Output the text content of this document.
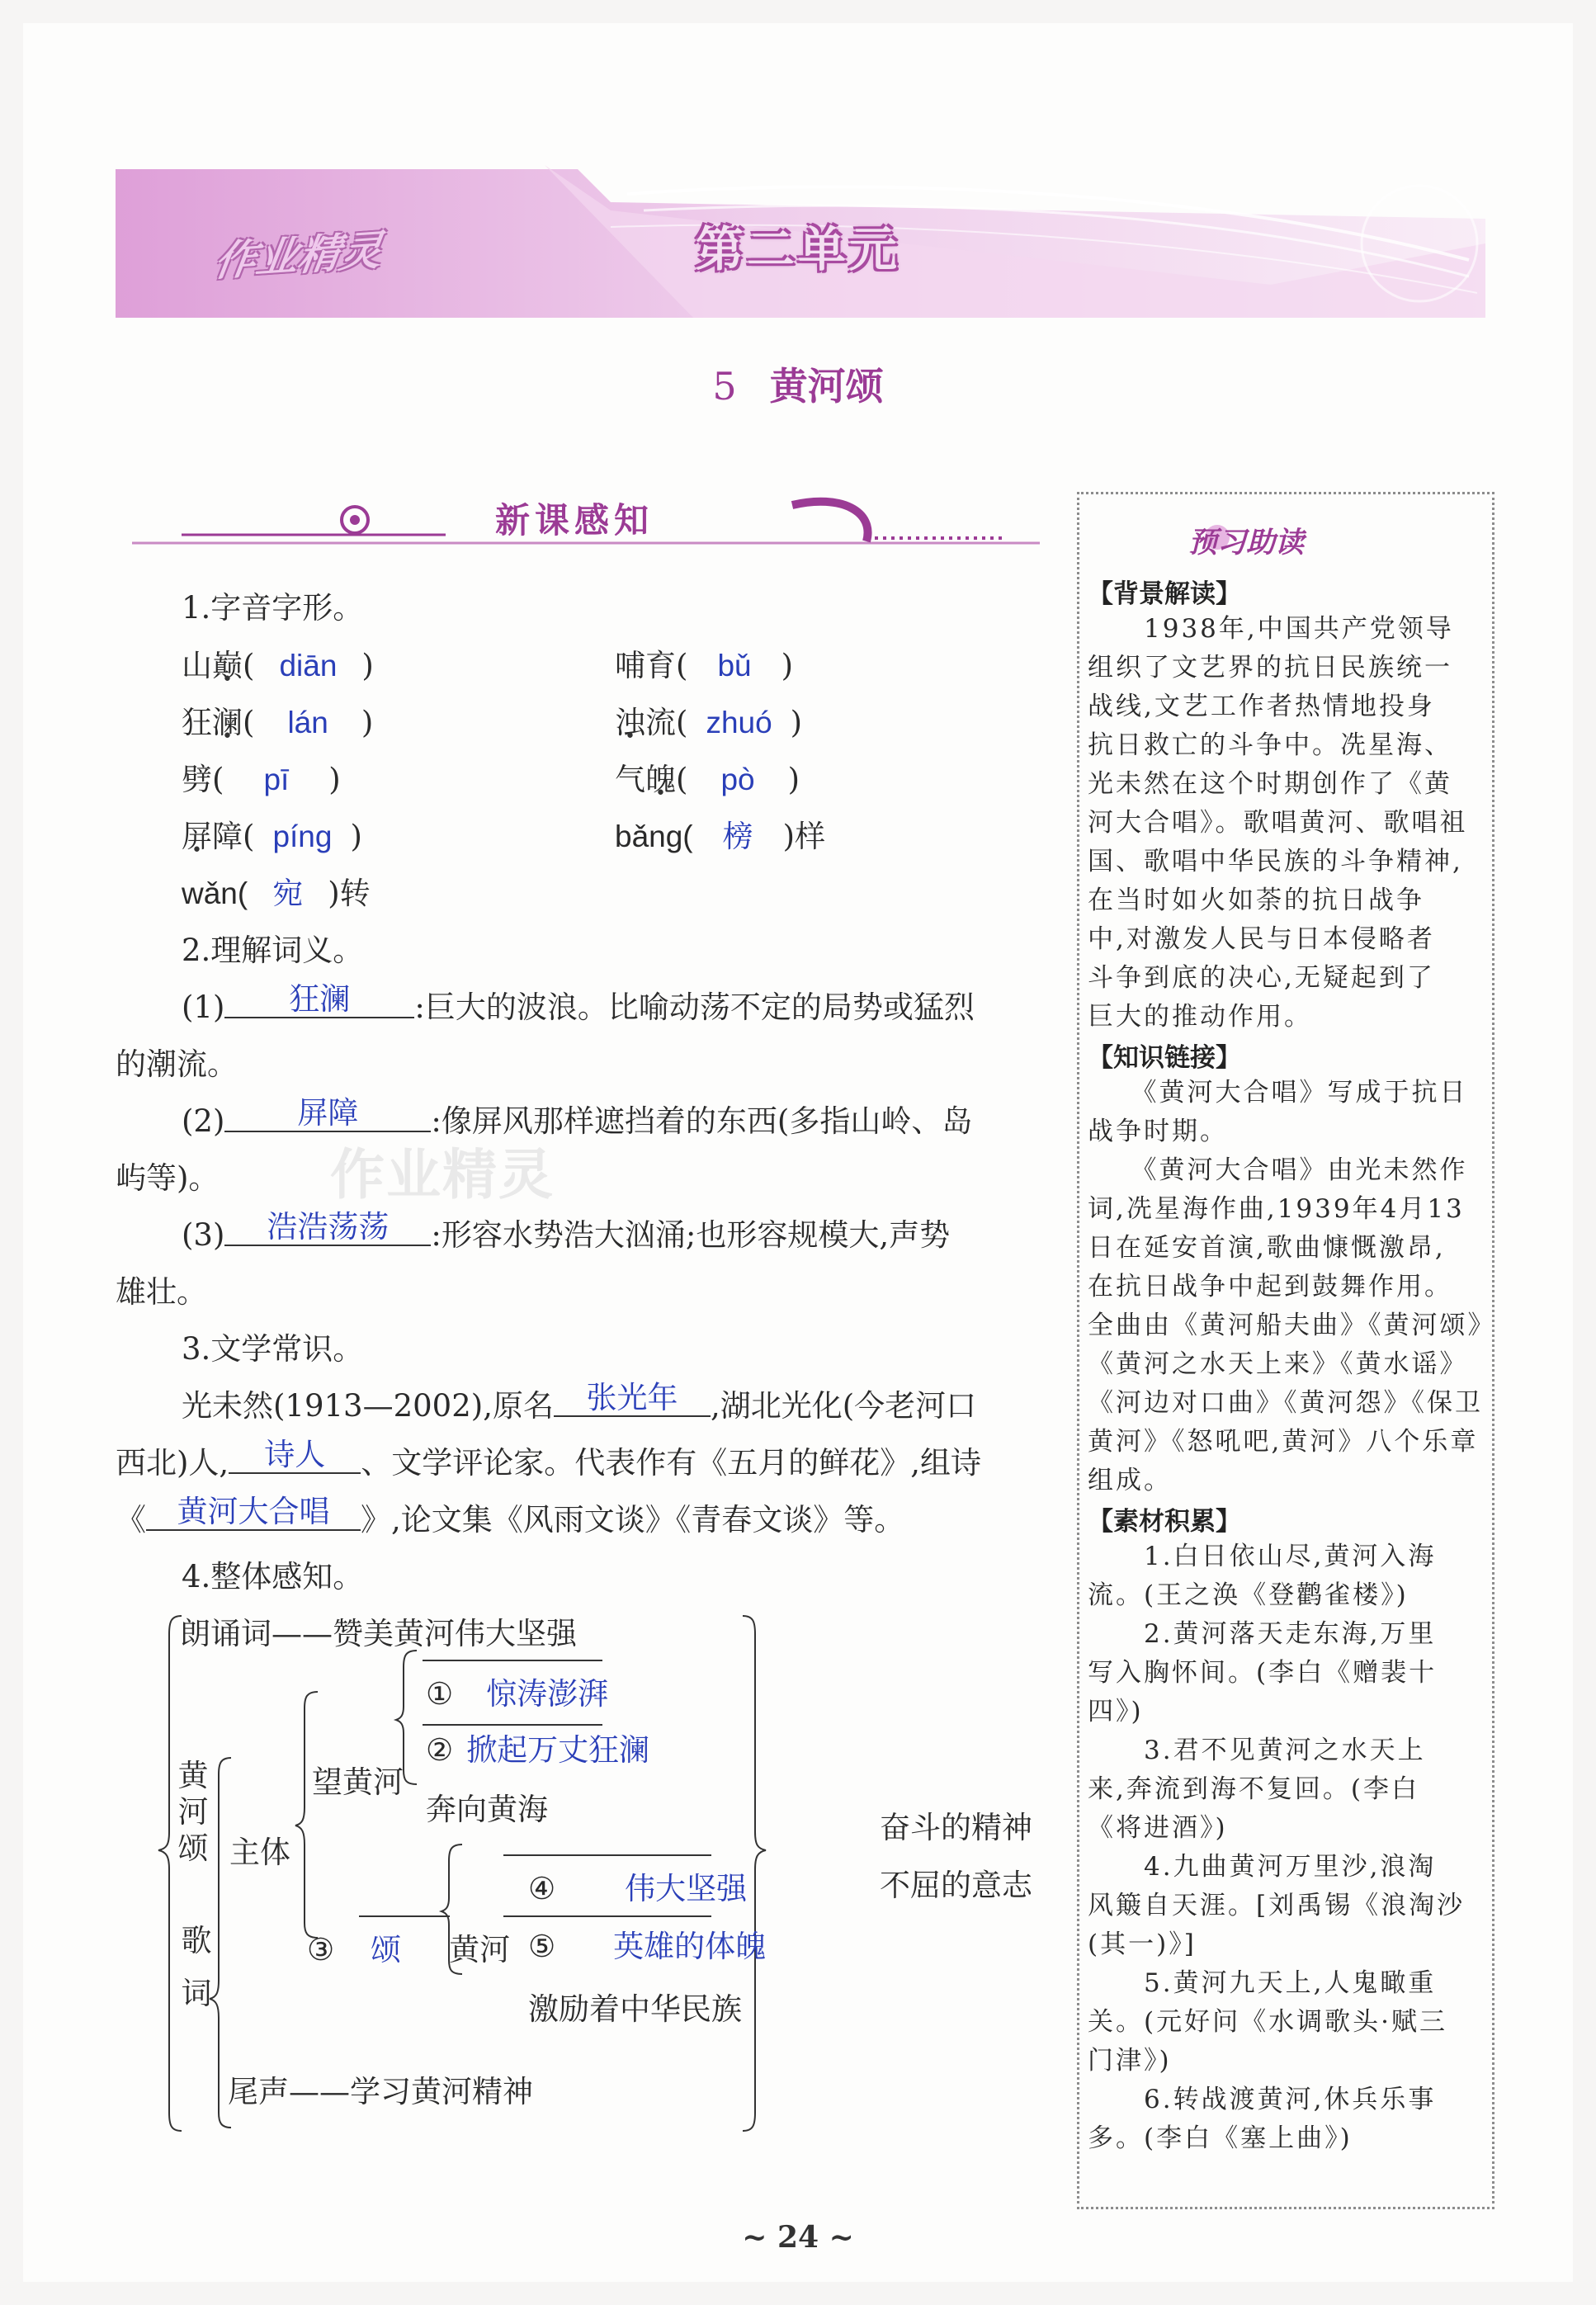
作业精灵	第二单元
5 黄河颂
新课感知
1.字音字形。
山巅( diān )	哺育( bǔ )
狂澜( lán )	浊流( zhuó )
劈( pī )	气魄( pò )
屏障( píng )	bǎng( 榜 )样
wǎn( 宛 )转
2.理解词义。
(1) 狂澜 :巨大的波浪。比喻动荡不定的局势或猛烈
的潮流。
(2) 屏障 :像屏风那样遮挡着的东西(多指山岭、岛
屿等)。 作业精灵
(3) 浩浩荡荡 :形容水势浩大汹涌;也形容规模大,声势
雄壮。
3.文学常识。
光未然(1913—2002),原名 张光年 ,湖北光化(今老河口
西北)人, 诗人 、文学评论家。代表作有《五月的鲜花》,组诗
《 黄河大合唱 》,论文集《风雨文谈》《青春文谈》等。
4.整体感知。
黄河颂
朗诵词——赞美黄河伟大坚强
歌词
主体
望黄河
① 惊涛澎湃
② 掀起万丈狂澜
奔向黄海
③ 颂 黄河
④ 伟大坚强
⑤ 英雄的体魄
激励着中华民族
尾声——学习黄河精神
奋斗的精神
不屈的意志
预习助读
【背景解读】
　　1938年,中国共产党领导
组织了文艺界的抗日民族统一
战线,文艺工作者热情地投身
抗日救亡的斗争中。冼星海、
光未然在这个时期创作了《黄
河大合唱》。歌唱黄河、歌唱祖
国、歌唱中华民族的斗争精神,
在当时如火如荼的抗日战争
中,对激发人民与日本侵略者
斗争到底的决心,无疑起到了
巨大的推动作用。
【知识链接】
　　《黄河大合唱》写成于抗日
战争时期。
　　《黄河大合唱》由光未然作
词,冼星海作曲,1939年4月13
日在延安首演,歌曲慷慨激昂,
在抗日战争中起到鼓舞作用。
全曲由《黄河船夫曲》《黄河颂》
《黄河之水天上来》《黄水谣》
《河边对口曲》《黄河怨》《保卫
黄河》《怒吼吧,黄河》八个乐章
组成。
【素材积累】
　　1.白日依山尽,黄河入海
流。(王之涣《登鹳雀楼》)
　　2.黄河落天走东海,万里
写入胸怀间。(李白《赠裴十
四》)
　　3.君不见黄河之水天上
来,奔流到海不复回。(李白
《将进酒》)
　　4.九曲黄河万里沙,浪淘
风簸自天涯。[刘禹锡《浪淘沙
(其一)》]
　　5.黄河九天上,人鬼瞰重
关。(元好问《水调歌头·赋三
门津》)
　　6.转战渡黄河,休兵乐事
多。(李白《塞上曲》)
~ 24 ~
